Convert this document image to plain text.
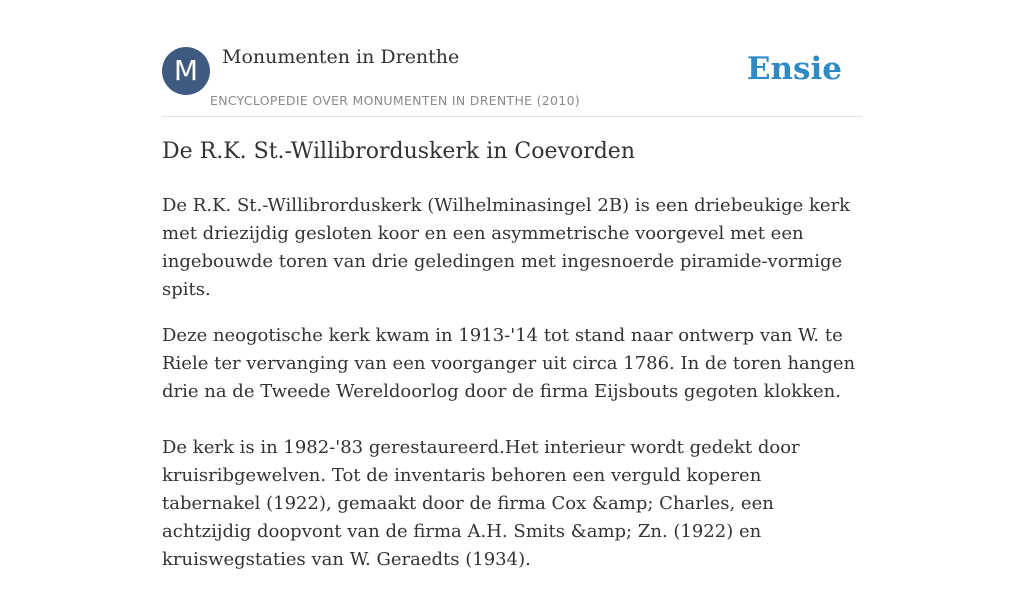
M	Monumenten in Drenthe
ENCYCLOPEDIE OVER MONUMENTEN IN DRENTHE (2010)
Ensie
De R.K. St.-Willibrorduskerk in Coevorden

De R.K. St.-Willibrorduskerk (Wilhelminasingel 2B) is een driebeukige kerk met driezijdig gesloten koor en een asymmetrische voorgevel met een ingebouwde toren van drie geledingen met ingesnoerde piramide-vormige spits.

Deze neogotische kerk kwam in 1913-'14 tot stand naar ontwerp van W. te Riele ter vervanging van een voorganger uit circa 1786. In de toren hangen drie na de Tweede Wereldoorlog door de firma Eijsbouts gegoten klokken.

De kerk is in 1982-'83 gerestaureerd.Het interieur wordt gedekt door kruisribgewelven. Tot de inventaris behoren een verguld koperen tabernakel (1922), gemaakt door de firma Cox &amp; Charles, een achtzijdig doopvont van de firma A.H. Smits &amp; Zn. (1922) en kruiswegstaties van W. Geraedts (1934).
